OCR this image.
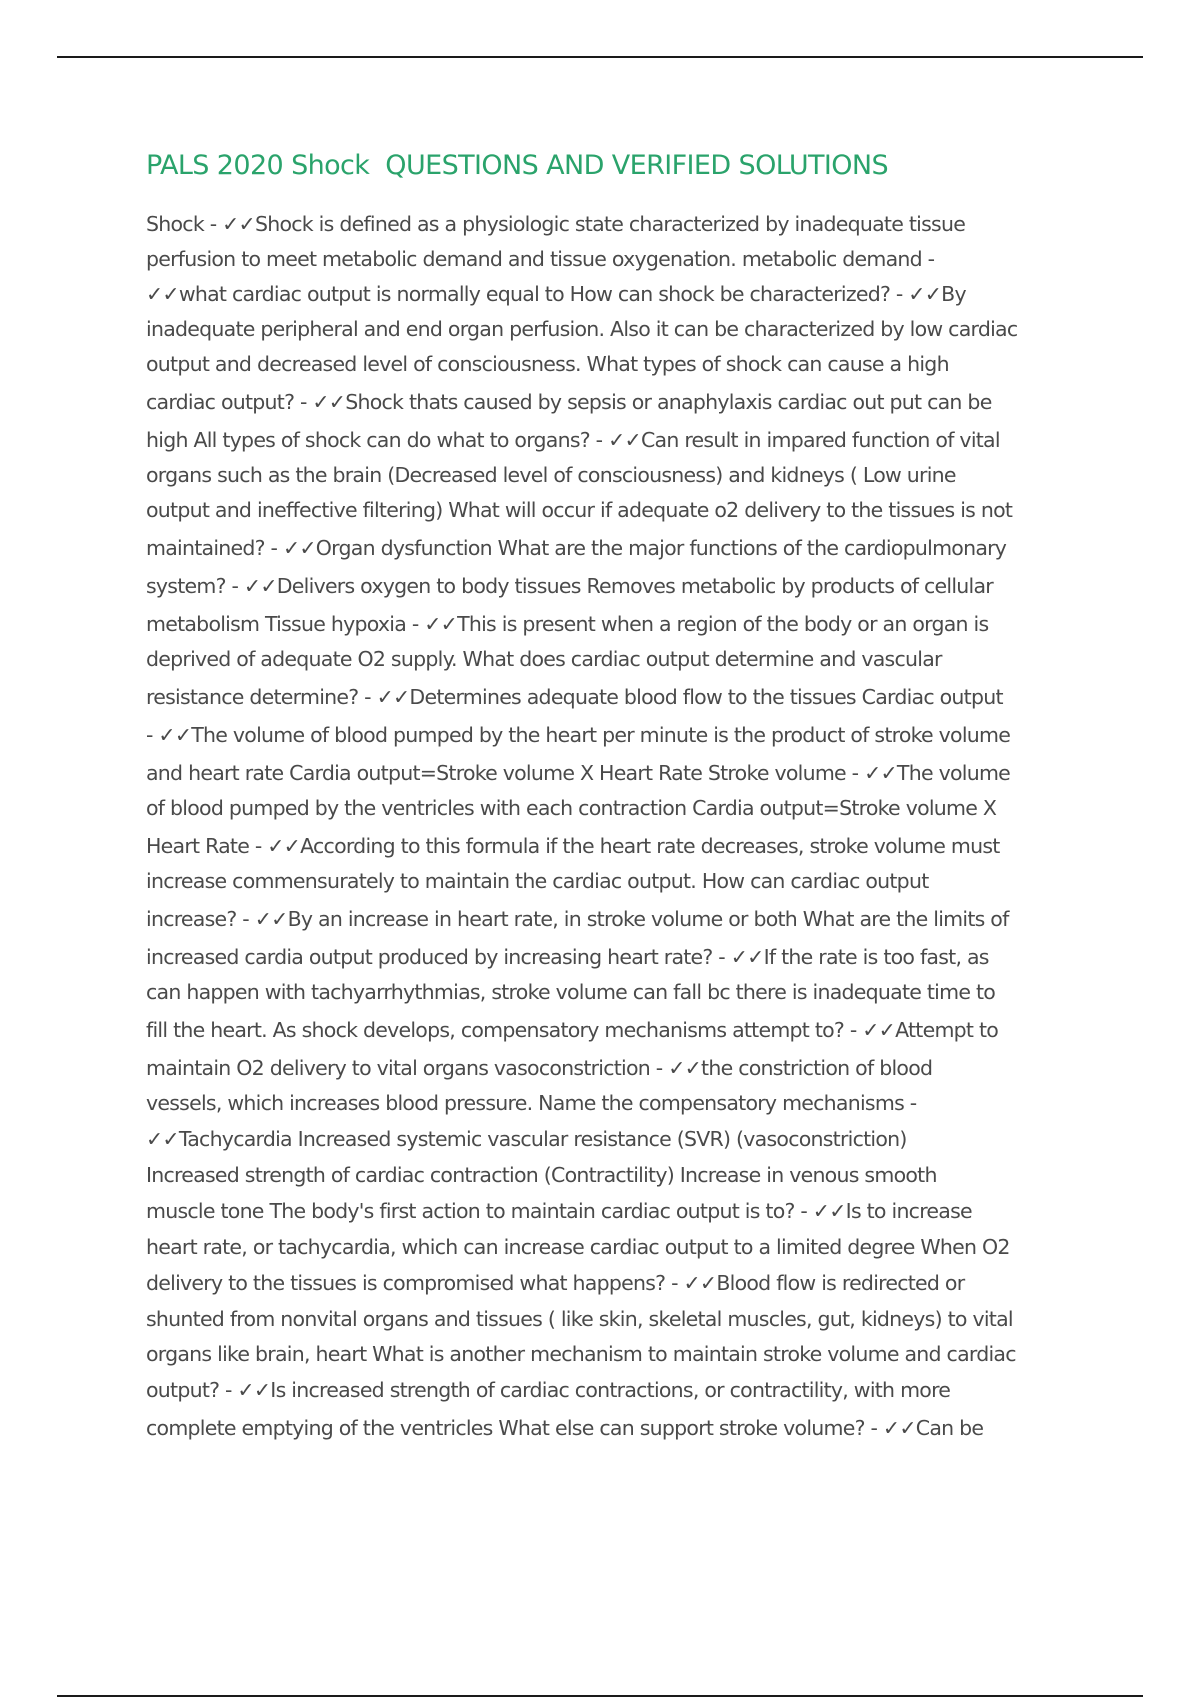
PALS 2020 Shock  QUESTIONS AND VERIFIED SOLUTIONS
Shock - ✓✓Shock is defined as a physiologic state characterized by inadequate tissue
perfusion to meet metabolic demand and tissue oxygenation. metabolic demand -
✓✓what cardiac output is normally equal to How can shock be characterized? - ✓✓By
inadequate peripheral and end organ perfusion. Also it can be characterized by low cardiac
output and decreased level of consciousness. What types of shock can cause a high
cardiac output? - ✓✓Shock thats caused by sepsis or anaphylaxis cardiac out put can be
high All types of shock can do what to organs? - ✓✓Can result in impared function of vital
organs such as the brain (Decreased level of consciousness) and kidneys ( Low urine
output and ineffective filtering) What will occur if adequate o2 delivery to the tissues is not
maintained? - ✓✓Organ dysfunction What are the major functions of the cardiopulmonary
system? - ✓✓Delivers oxygen to body tissues Removes metabolic by products of cellular
metabolism Tissue hypoxia - ✓✓This is present when a region of the body or an organ is
deprived of adequate O2 supply. What does cardiac output determine and vascular
resistance determine? - ✓✓Determines adequate blood flow to the tissues Cardiac output
- ✓✓The volume of blood pumped by the heart per minute is the product of stroke volume
and heart rate Cardia output=Stroke volume X Heart Rate Stroke volume - ✓✓The volume
of blood pumped by the ventricles with each contraction Cardia output=Stroke volume X
Heart Rate - ✓✓According to this formula if the heart rate decreases, stroke volume must
increase commensurately to maintain the cardiac output. How can cardiac output
increase? - ✓✓By an increase in heart rate, in stroke volume or both What are the limits of
increased cardia output produced by increasing heart rate? - ✓✓If the rate is too fast, as
can happen with tachyarrhythmias, stroke volume can fall bc there is inadequate time to
fill the heart. As shock develops, compensatory mechanisms attempt to? - ✓✓Attempt to
maintain O2 delivery to vital organs vasoconstriction - ✓✓the constriction of blood
vessels, which increases blood pressure. Name the compensatory mechanisms -
✓✓Tachycardia Increased systemic vascular resistance (SVR) (vasoconstriction)
Increased strength of cardiac contraction (Contractility) Increase in venous smooth
muscle tone The body's first action to maintain cardiac output is to? - ✓✓Is to increase
heart rate, or tachycardia, which can increase cardiac output to a limited degree When O2
delivery to the tissues is compromised what happens? - ✓✓Blood flow is redirected or
shunted from nonvital organs and tissues ( like skin, skeletal muscles, gut, kidneys) to vital
organs like brain, heart What is another mechanism to maintain stroke volume and cardiac
output? - ✓✓Is increased strength of cardiac contractions, or contractility, with more
complete emptying of the ventricles What else can support stroke volume? - ✓✓Can be
